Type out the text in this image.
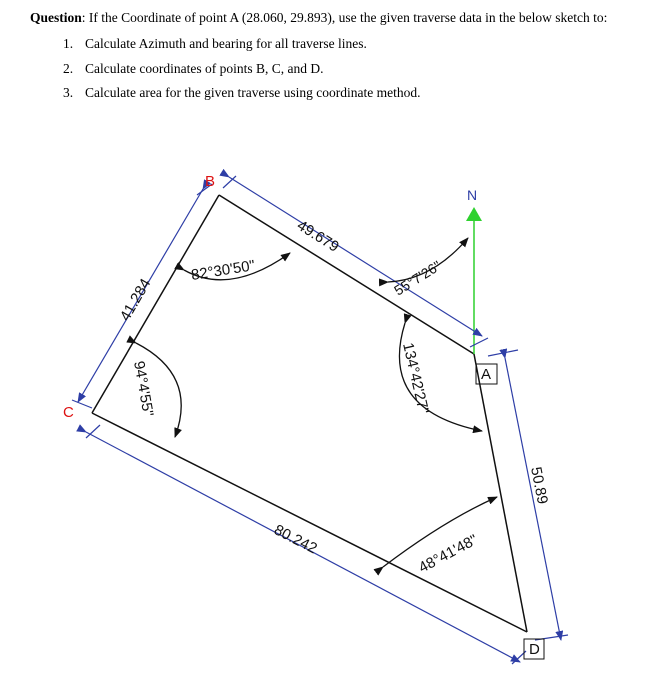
Question: If the Coordinate of point A (28.060, 29.893), use the given traverse data in the below sketch to:
1. Calculate Azimuth and bearing for all traverse lines.
2. Calculate coordinates of points B, C, and D.
3. Calculate area for the given traverse using coordinate method.
N
B
C
A
D
49.679
41.284
80.242
50.89
82°30'50"	55°7'26"
94°4'55"	134°42'27"
48°41'48"
